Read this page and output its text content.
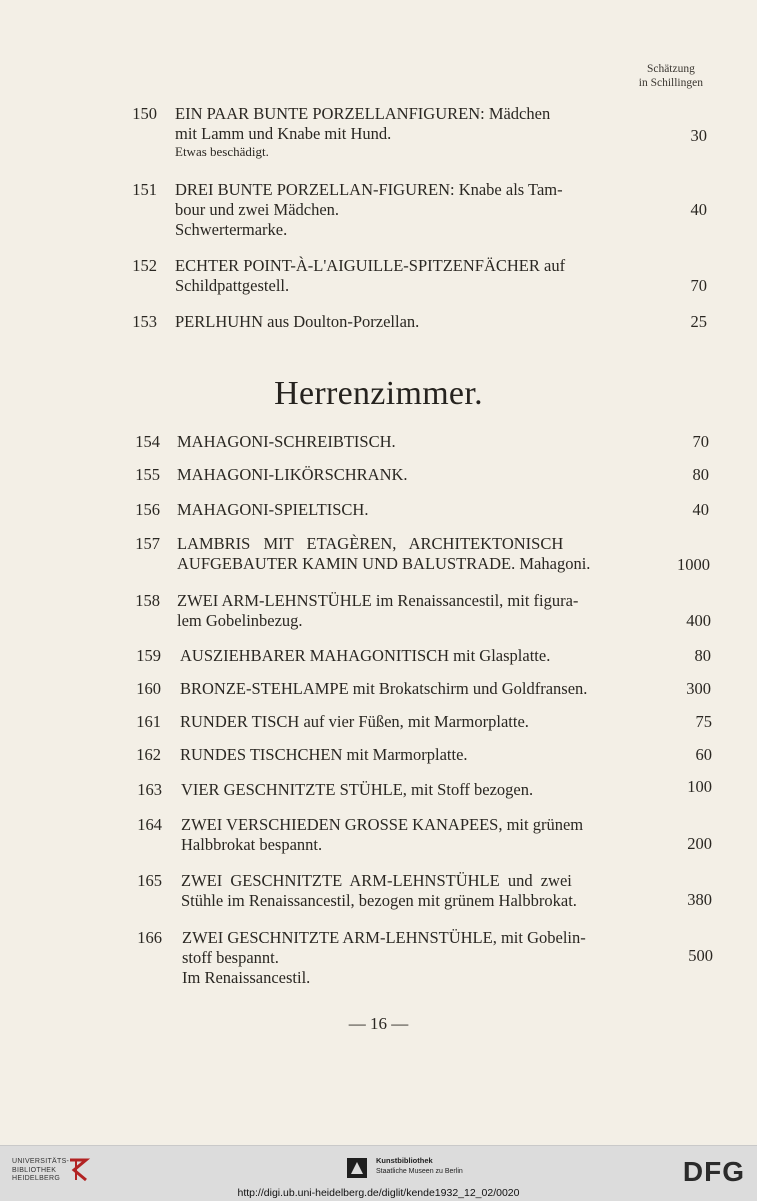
Schätzung
in Schillingen
150 EIN PAAR BUNTE PORZELLANFIGUREN: Mädchen
mit Lamm und Knabe mit Hund.
Etwas beschädigt.
30
151 DREI BUNTE PORZELLAN-FIGUREN: Knabe als Tam-
bour und zwei Mädchen.
Schwertermarke.
40
152 ECHTER POINT-À-L'AIGUILLE-SPITZENFÄCHER auf
Schildpattgestell.	70
153 PERLHUHN aus Doulton-Porzellan.	25
Herrenzimmer.
154 MAHAGONI-SCHREIBTISCH.	70
155 MAHAGONI-LIKÖRSCHRANK.	80
156 MAHAGONI-SPIELTISCH.	40
157 LAMBRIS MIT ETAGÈREN, ARCHITEKTONISCH
AUFGEBAUTER KAMIN UND BALUSTRADE. Mahagoni.	1000
158 ZWEI ARM-LEHNSTÜHLE im Renaissancestil, mit figura-
lem Gobelinbezug.	400
159 AUSZIEHBARER MAHAGONITISCH mit Glasplatte.	80
160 BRONZE-STEHLAMPE mit Brokatschirm und Goldfransen.	300
161 RUNDER TISCH auf vier Füßen, mit Marmorplatte.	75
162 RUNDES TISCHCHEN mit Marmorplatte.	60
163 VIER GESCHNITZTE STÜHLE, mit Stoff bezogen.	100
164 ZWEI VERSCHIEDEN GROSSE KANAPEES, mit grünem
Halbbrokat bespannt.	200
165 ZWEI GESCHNITZTE ARM-LEHNSTÜHLE und zwei
Stühle im Renaissancestil, bezogen mit grünem Halbbrokat.	380
166 ZWEI GESCHNITZTE ARM-LEHNSTÜHLE, mit Gobelin-
stoff bespannt.
Im Renaissancestil.
500
— 16 —
UNIVERSITÄTS-
BIBLIOTHEK
HEIDELBERG
Kunstbibliothek
Staatliche Museen zu Berlin	DFG
http://digi.ub.uni-heidelberg.de/diglit/kende1932_12_02/0020
